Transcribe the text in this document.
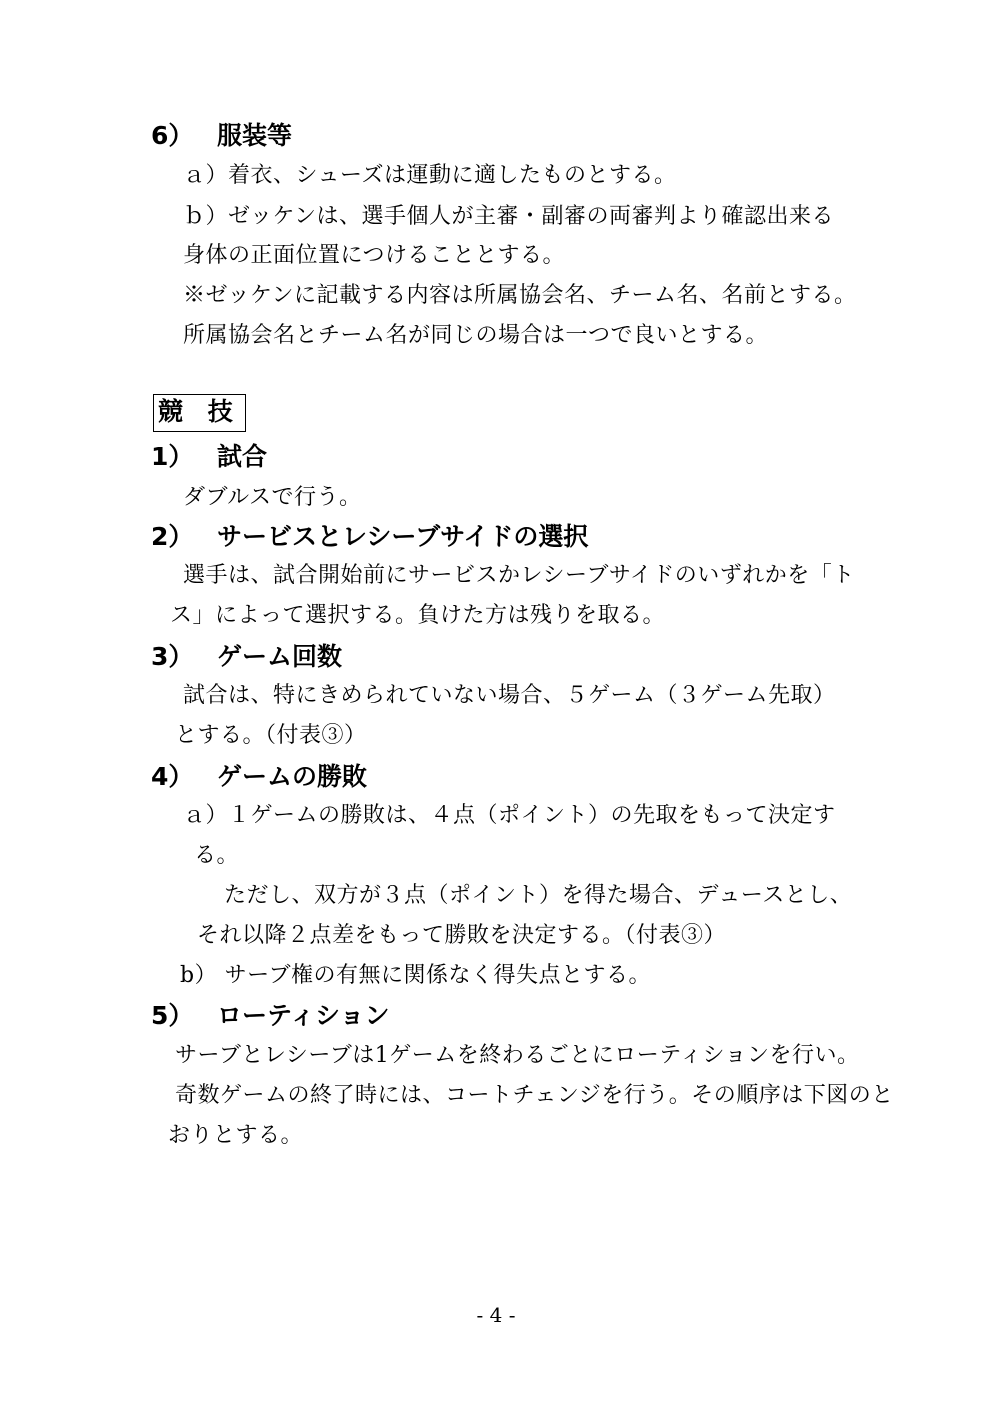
6） 服装等
ａ）着衣、シューズは運動に適したものとする。
ｂ）ゼッケンは、選手個人が主審・副審の両審判より確認出来る
身体の正面位置につけることとする。
※ゼッケンに記載する内容は所属協会名、チーム名、名前とする。
所属協会名とチーム名が同じの場合は一つで良いとする。
競 技
1） 試合
ダブルスで行う。
2） サービスとレシーブサイドの選択
選手は、試合開始前にサービスかレシーブサイドのいずれかを「ト
ス」によって選択する。負けた方は残りを取る。
3） ゲーム回数
試合は、特にきめられていない場合、５ゲーム（３ゲーム先取）
とする。（付表③）
4） ゲームの勝敗
ａ）１ゲームの勝敗は、４点（ポイント）の先取をもって決定す
る。
ただし、双方が３点（ポイント）を得た場合、デュースとし、
それ以降２点差をもって勝敗を決定する。（付表③）
b） サーブ権の有無に関係なく得失点とする。
5） ローティション
サーブとレシーブは1ゲームを終わるごとにローティションを行い。
奇数ゲームの終了時には、コートチェンジを行う。その順序は下図のと
おりとする。
- 4 -
